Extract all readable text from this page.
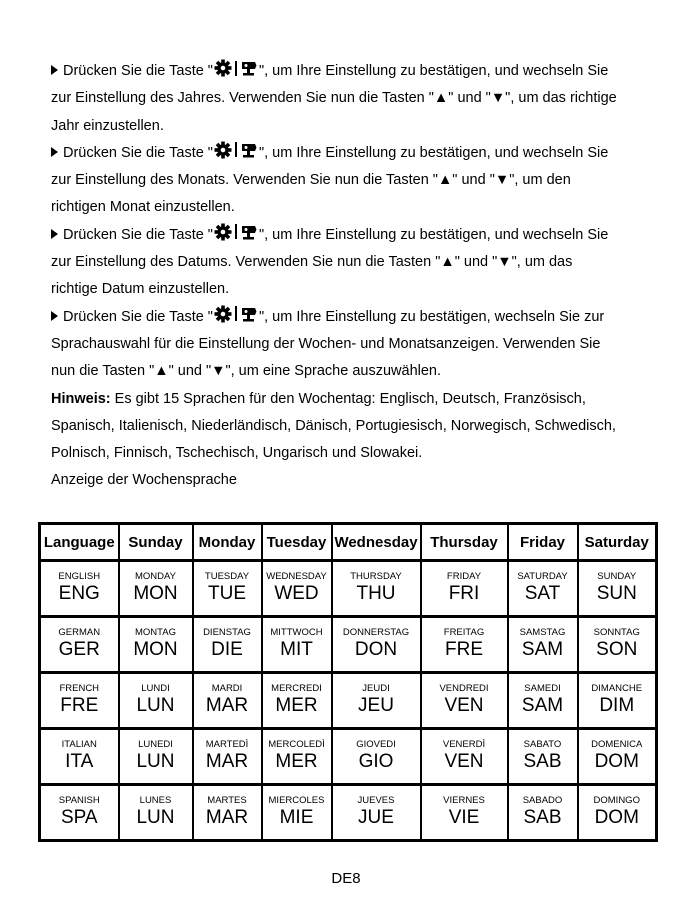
Drücken Sie die Taste "	", um Ihre Einstellung zu bestätigen, und wechseln Sie
zur Einstellung des Jahres. Verwenden Sie nun die Tasten "▲" und "▼", um das richtige
Jahr einzustellen.
Drücken Sie die Taste "	", um Ihre Einstellung zu bestätigen, und wechseln Sie
zur Einstellung des Monats. Verwenden Sie nun die Tasten "▲" und "▼", um den
richtigen Monat einzustellen.
Drücken Sie die Taste "	", um Ihre Einstellung zu bestätigen, und wechseln Sie
zur Einstellung des Datums. Verwenden Sie nun die Tasten "▲" und "▼", um das
richtige Datum einzustellen.
Drücken Sie die Taste "	", um Ihre Einstellung zu bestätigen, wechseln Sie zur
Sprachauswahl für die Einstellung der Wochen- und Monatsanzeigen. Verwenden Sie
nun die Tasten "▲" und "▼", um eine Sprache auszuwählen.
Hinweis: Es gibt 15 Sprachen für den Wochentag: Englisch, Deutsch, Französisch,
Spanisch, Italienisch, Niederländisch, Dänisch, Portugiesisch, Norwegisch, Schwedisch,
Polnisch, Finnisch, Tschechisch, Ungarisch und Slowakei.
Anzeige der Wochensprache
Language	Sunday	Monday	Tuesday	Wednesday	Thursday	Friday	Saturday
ENGLISH	MONDAY	TUESDAY	WEDNESDAY	THURSDAY	FRIDAY	SATURDAY	SUNDAY
ENG	MON	TUE	WED	THU	FRI	SAT	SUN
GERMAN	MONTAG	DIENSTAG	MITTWOCH	DONNERSTAG	FREITAG	SAMSTAG	SONNTAG
GER	MON	DIE	MIT	DON	FRE	SAM	SON
FRENCH	LUNDI	MARDI	MERCREDI	JEUDI	VENDREDI	SAMEDI	DIMANCHE
FRE	LUN	MAR	MER	JEU	VEN	SAM	DIM
ITALIAN	LUNEDI	MARTEDÌ	MERCOLEDÌ	GIOVEDI	VENERDÌ	SABATO	DOMENICA
ITA	LUN	MAR	MER	GIO	VEN	SAB	DOM
SPANISH	LUNES	MARTES	MIERCOLES	JUEVES	VIERNES	SABADO	DOMINGO
SPA	LUN	MAR	MIE	JUE	VIE	SAB	DOM
DE8
